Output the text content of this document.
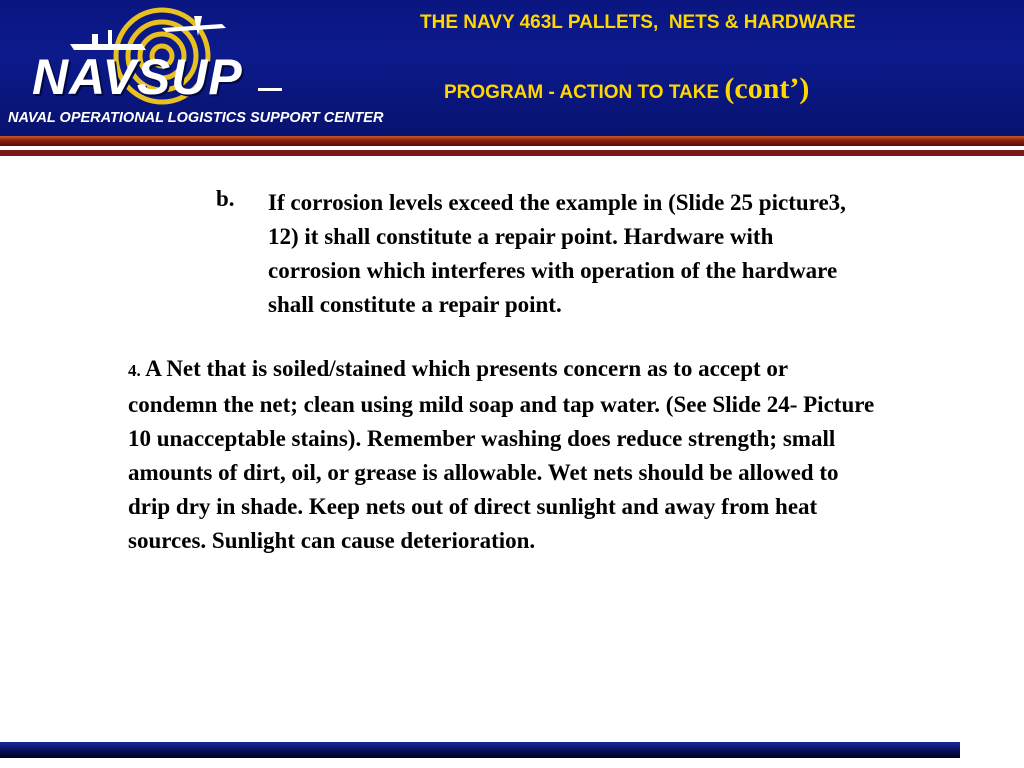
NAVSUP
NAVAL OPERATIONAL LOGISTICS SUPPORT CENTER
THE NAVY 463L PALLETS,  NETS & HARDWARE
PROGRAM - ACTION TO TAKE (cont’)
b. If corrosion levels exceed the example in (Slide 25 picture3, 12) it shall constitute a repair point. Hardware with corrosion which interferes with operation of the hardware shall constitute a repair point.
4. A Net that is soiled/stained which presents concern as to accept or condemn the net; clean using mild soap and tap water. (See Slide 24- Picture 10 unacceptable stains). Remember washing does reduce strength; small amounts of dirt, oil, or grease is allowable. Wet nets should be allowed to drip dry in shade. Keep nets out of direct sunlight and away from heat sources. Sunlight can cause deterioration.
